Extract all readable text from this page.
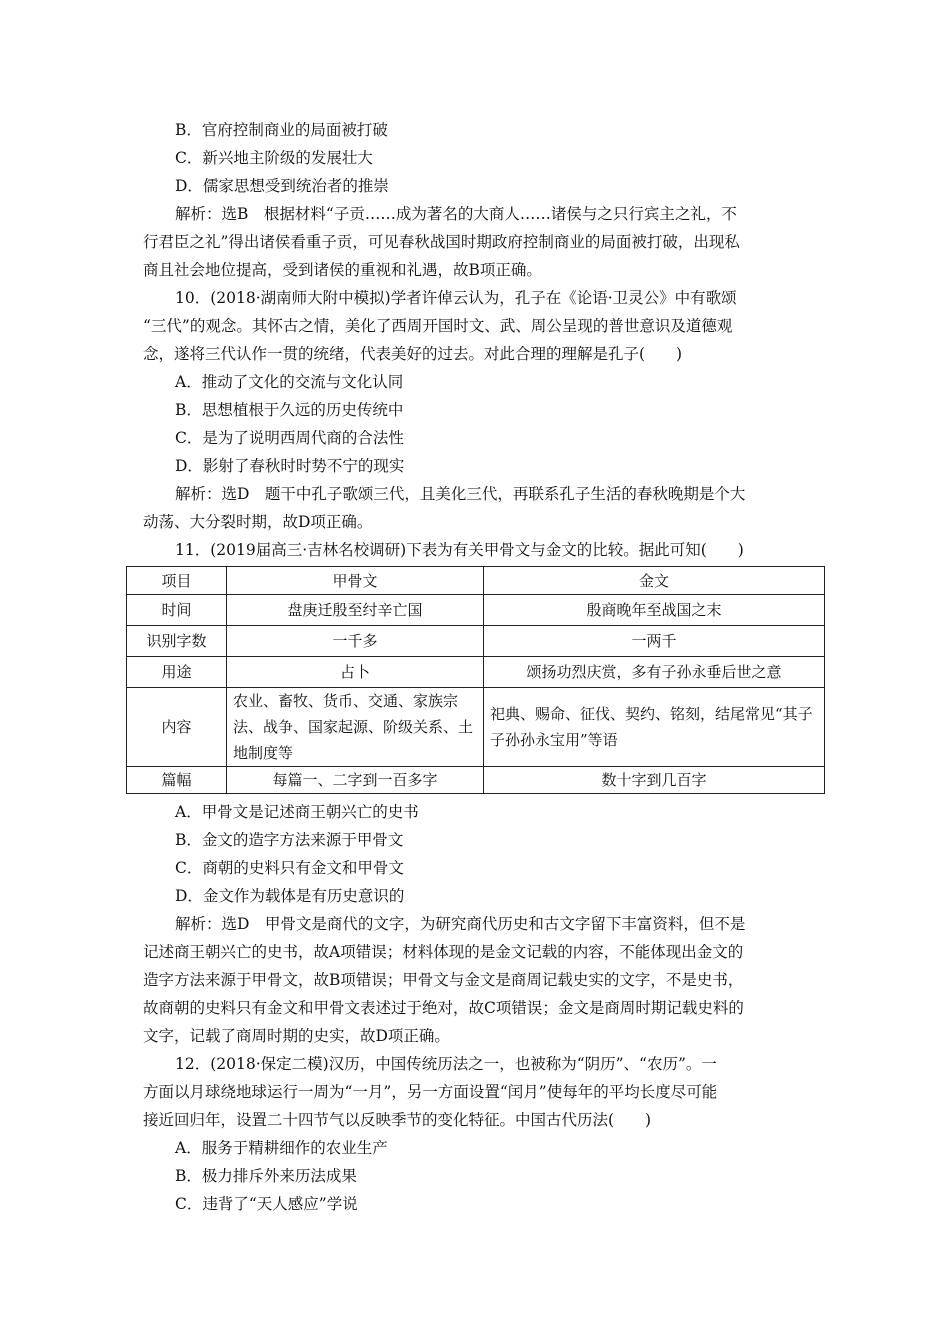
B．官府控制商业的局面被打破
C．新兴地主阶级的发展壮大
D．儒家思想受到统治者的推崇
解析：选B　根据材料“子贡……成为著名的大商人……诸侯与之只行宾主之礼，不
行君臣之礼”得出诸侯看重子贡，可见春秋战国时期政府控制商业的局面被打破，出现私
商且社会地位提高，受到诸侯的重视和礼遇，故B项正确。
10．(2018·湖南师大附中模拟)学者许倬云认为，孔子在《论语·卫灵公》中有歌颂
“三代”的观念。其怀古之情，美化了西周开国时文、武、周公呈现的普世意识及道德观
念，遂将三代认作一贯的统绪，代表美好的过去。对此合理的理解是孔子(　　)
A．推动了文化的交流与文化认同
B．思想植根于久远的历史传统中
C．是为了说明西周代商的合法性
D．影射了春秋时时势不宁的现实
解析：选D　题干中孔子歌颂三代，且美化三代，再联系孔子生活的春秋晚期是个大
动荡、大分裂时期，故D项正确。
11．(2019届高三·吉林名校调研)下表为有关甲骨文与金文的比较。据此可知(　　)
项目	甲骨文	金文
时间	盘庚迁殷至纣辛亡国	殷商晚年至战国之末
识别字数	一千多	一两千
用途	占卜	颂扬功烈庆赏，多有子孙永垂后世之意
内容	农业、畜牧、货币、交通、家族宗法、战争、国家起源、阶级关系、土地制度等	祀典、赐命、征伐、契约、铭刻，结尾常见“其子子孙孙永宝用”等语
篇幅	每篇一、二字到一百多字	数十字到几百字
A．甲骨文是记述商王朝兴亡的史书
B．金文的造字方法来源于甲骨文
C．商朝的史料只有金文和甲骨文
D．金文作为载体是有历史意识的
解析：选D　甲骨文是商代的文字，为研究商代历史和古文字留下丰富资料，但不是
记述商王朝兴亡的史书，故A项错误；材料体现的是金文记载的内容，不能体现出金文的
造字方法来源于甲骨文，故B项错误；甲骨文与金文是商周记载史实的文字，不是史书，
故商朝的史料只有金文和甲骨文表述过于绝对，故C项错误；金文是商周时期记载史料的
文字，记载了商周时期的史实，故D项正确。
12．(2018·保定二模)汉历，中国传统历法之一，也被称为“阴历”、“农历”。一
方面以月球绕地球运行一周为“一月”，另一方面设置“闰月”使每年的平均长度尽可能
接近回归年，设置二十四节气以反映季节的变化特征。中国古代历法(　　)
A．服务于精耕细作的农业生产
B．极力排斥外来历法成果
C．违背了“天人感应”学说
